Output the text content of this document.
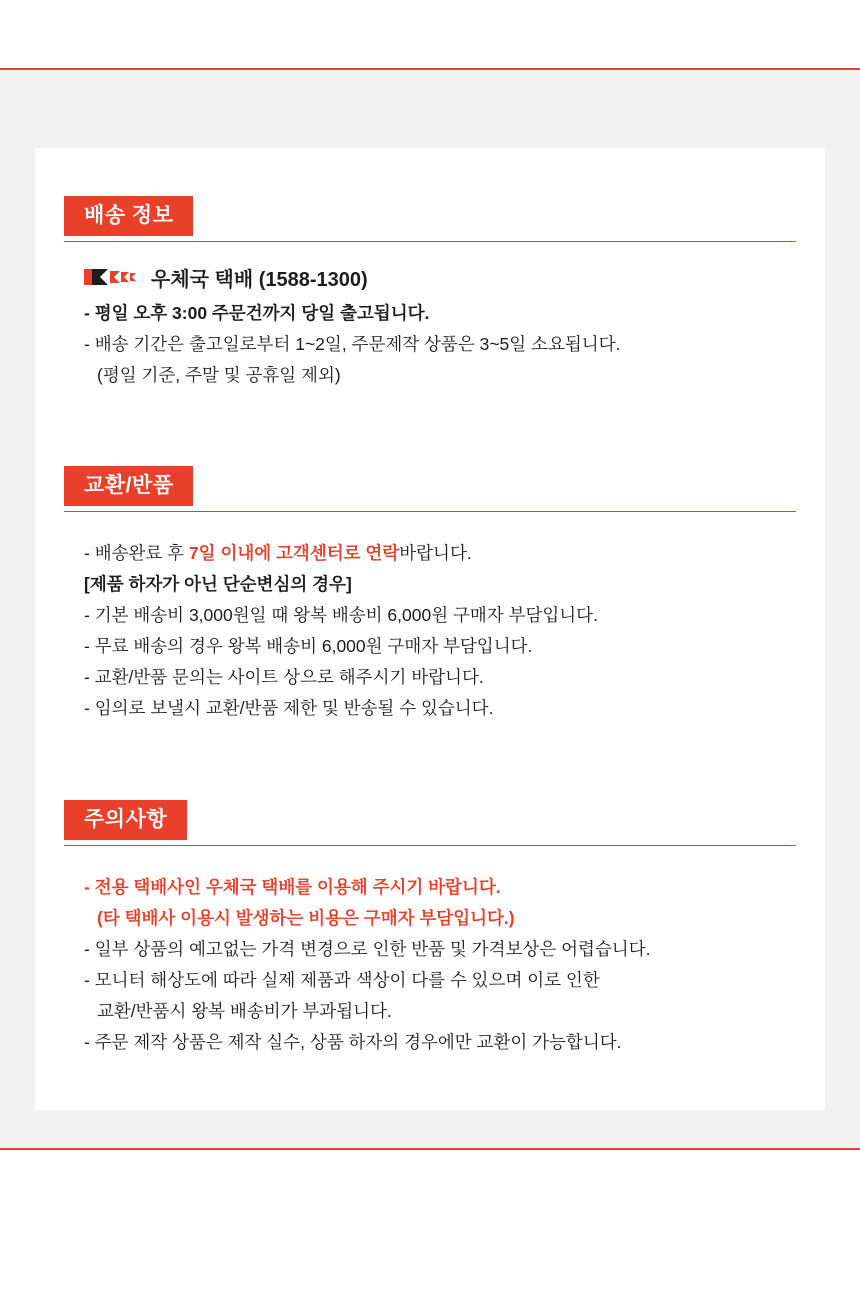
배송 정보
우체국 택배 (1588-1300)
- 평일 오후 3:00 주문건까지 당일 출고됩니다.
- 배송 기간은 출고일로부터 1~2일, 주문제작 상품은 3~5일 소요됩니다.
(평일 기준, 주말 및 공휴일 제외)
교환/반품
- 배송완료 후 7일 이내에 고객센터로 연락바랍니다.
[제품 하자가 아닌 단순변심의 경우]
- 기본 배송비 3,000원일 때 왕복 배송비 6,000원 구매자 부담입니다.
- 무료 배송의 경우 왕복 배송비 6,000원 구매자 부담입니다.
- 교환/반품 문의는 사이트 상으로 해주시기 바랍니다.
- 임의로 보낼시 교환/반품 제한 및 반송될 수 있습니다.
주의사항
- 전용 택배사인 우체국 택배를 이용해 주시기 바랍니다.
(타 택배사 이용시 발생하는 비용은 구매자 부담입니다.)
- 일부 상품의 예고없는 가격 변경으로 인한 반품 및 가격보상은 어렵습니다.
- 모니터 해상도에 따라 실제 제품과 색상이 다를 수 있으며 이로 인한
교환/반품시 왕복 배송비가 부과됩니다.
- 주문 제작 상품은 제작 실수, 상품 하자의 경우에만 교환이 가능합니다.
